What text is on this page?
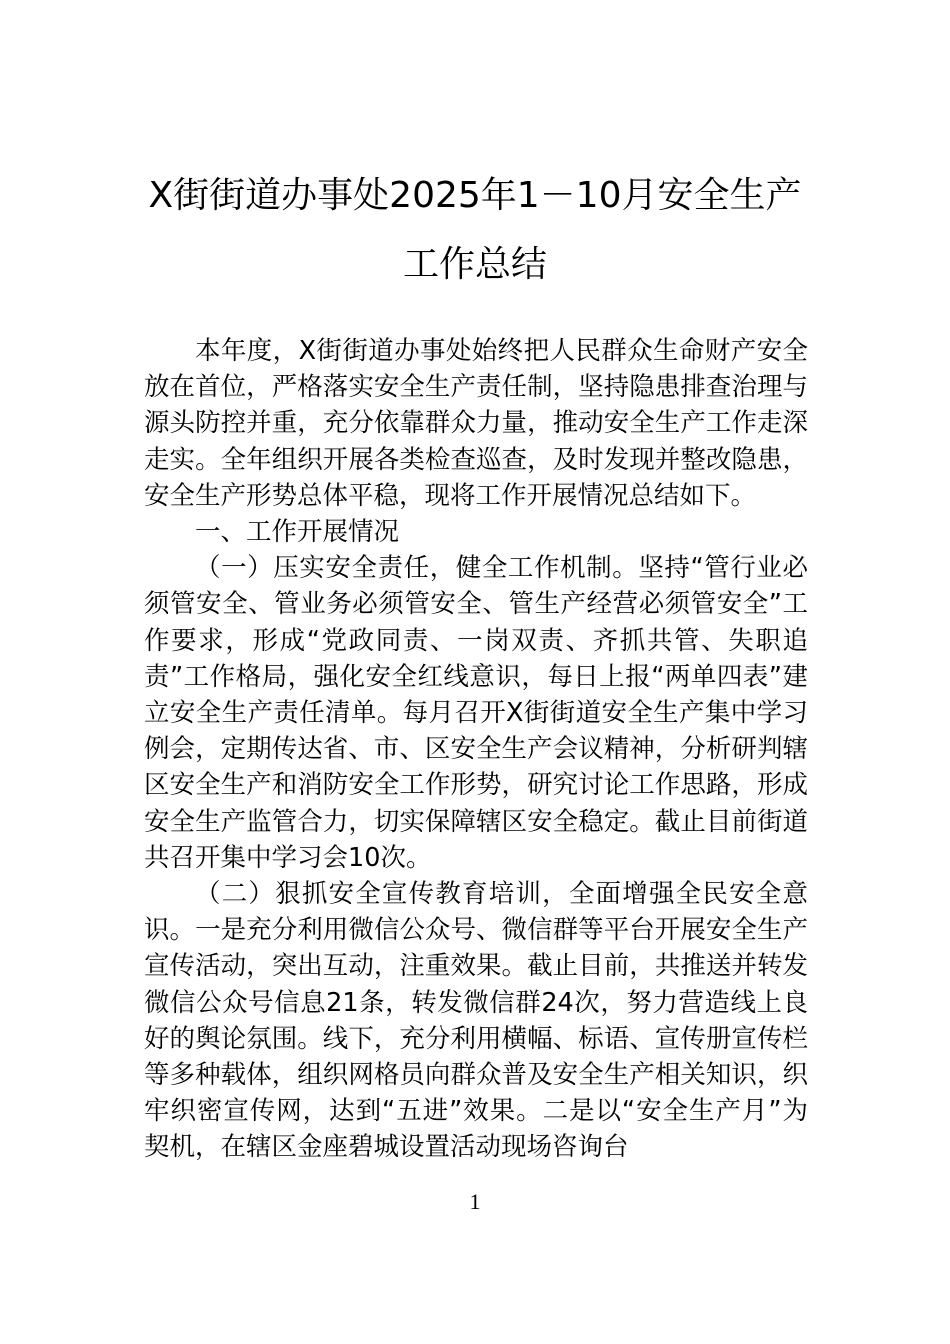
X街街道办事处2025年1－10月安全生产
工作总结

本年度，X街街道办事处始终把人民群众生命财产安全放在首位，严格落实安全生产责任制，坚持隐患排查治理与源头防控并重，充分依靠群众力量，推动安全生产工作走深走实。全年组织开展各类检查巡查，及时发现并整改隐患，安全生产形势总体平稳，现将工作开展情况总结如下。

一、工作开展情况

（一）压实安全责任，健全工作机制。坚持“管行业必须管安全、管业务必须管安全、管生产经营必须管安全”工作要求，形成“党政同责、一岗双责、齐抓共管、失职追责”工作格局，强化安全红线意识，每日上报“两单四表”建立安全生产责任清单。每月召开X街街道安全生产集中学习例会，定期传达省、市、区安全生产会议精神，分析研判辖区安全生产和消防安全工作形势，研究讨论工作思路，形成安全生产监管合力，切实保障辖区安全稳定。截止目前街道共召开集中学习会10次。

（二）狠抓安全宣传教育培训，全面增强全民安全意识。一是充分利用微信公众号、微信群等平台开展安全生产宣传活动，突出互动，注重效果。截止目前，共推送并转发微信公众号信息21条，转发微信群24次，努力营造线上良好的舆论氛围。线下，充分利用横幅、标语、宣传册宣传栏等多种载体，组织网格员向群众普及安全生产相关知识，织牢织密宣传网，达到“五进”效果。二是以“安全生产月”为契机，在辖区金座碧城设置活动现场咨询台

1
